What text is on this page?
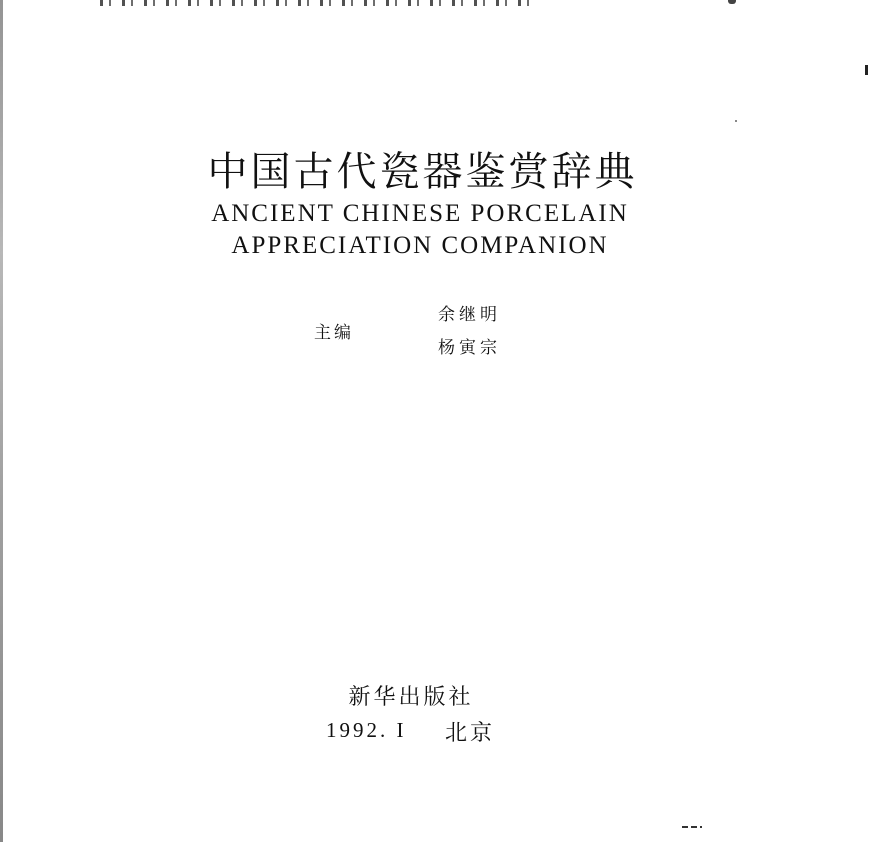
中国古代瓷器鉴赏辞典
ANCIENT CHINESE PORCELAIN
APPRECIATION COMPANION
主编
余继明
杨寅宗
新华出版社
1992. I 北京
